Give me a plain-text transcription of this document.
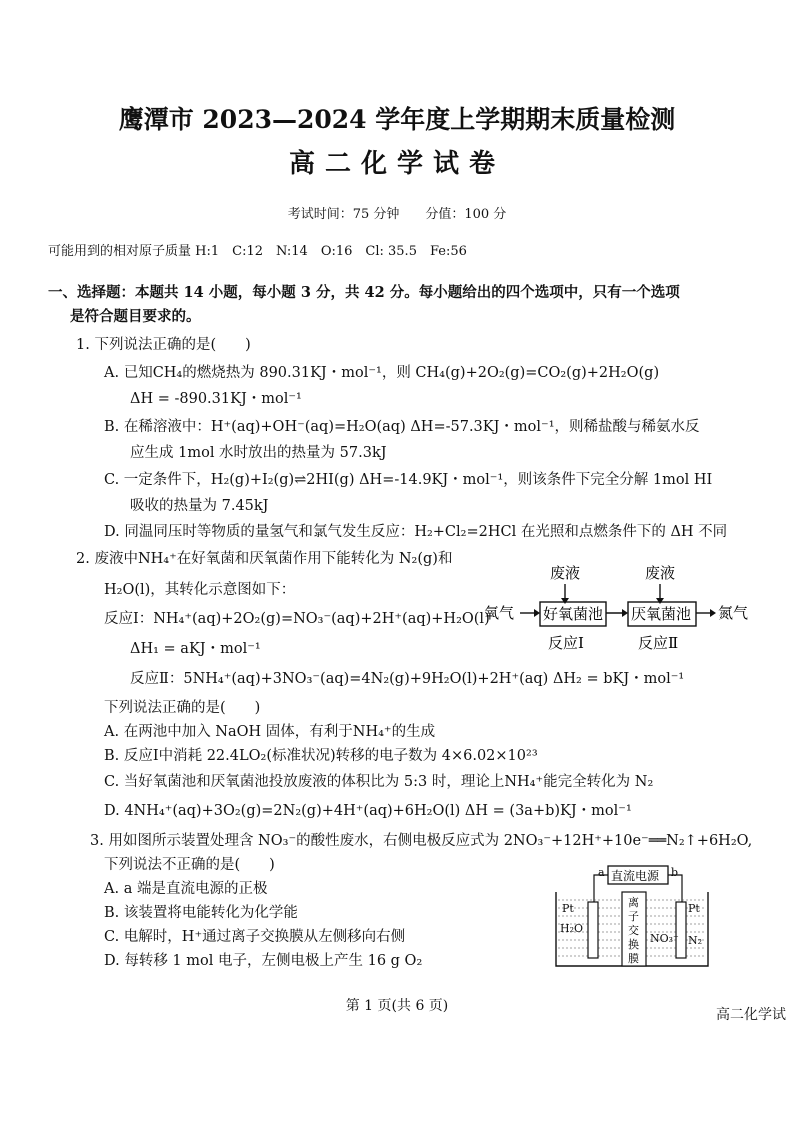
鹰潭市 2023—2024 学年度上学期期末质量检测
高二化学试卷
考试时间：75 分钟　　分值：100 分
可能用到的相对原子质量 H:1　C:12　N:14　O:16　Cl: 35.5　Fe:56
一、选择题：本题共 14 小题，每小题 3 分，共 42 分。每小题给出的四个选项中，只有一个选项
是符合题目要求的。
1. 下列说法正确的是(　　)
A. 已知CH₄的燃烧热为 890.31KJ・mol⁻¹，则 CH₄(g)+2O₂(g)=CO₂(g)+2H₂O(g)
ΔH = -890.31KJ・mol⁻¹
B. 在稀溶液中：H⁺(aq)+OH⁻(aq)=H₂O(aq) ΔH=-57.3KJ・mol⁻¹，则稀盐酸与稀氨水反
应生成 1mol 水时放出的热量为 57.3kJ
C. 一定条件下，H₂(g)+I₂(g)⇌2HI(g) ΔH=-14.9KJ・mol⁻¹，则该条件下完全分解 1mol HI
吸收的热量为 7.45kJ
D. 同温同压时等物质的量氢气和氯气发生反应：H₂+Cl₂=2HCl 在光照和点燃条件下的 ΔH 不同
2. 废液中NH₄⁺在好氧菌和厌氧菌作用下能转化为 N₂(g)和
H₂O(l)，其转化示意图如下：
反应Ⅰ：NH₄⁺(aq)+2O₂(g)=NO₃⁻(aq)+2H⁺(aq)+H₂O(l)
ΔH₁ = aKJ・mol⁻¹
反应Ⅱ：5NH₄⁺(aq)+3NO₃⁻(aq)=4N₂(g)+9H₂O(l)+2H⁺(aq) ΔH₂ = bKJ・mol⁻¹
下列说法正确的是(　　)
A. 在两池中加入 NaOH 固体，有利于NH₄⁺的生成
B. 反应Ⅰ中消耗 22.4LO₂(标准状况)转移的电子数为 4×6.02×10²³
C. 当好氧菌池和厌氧菌池投放废液的体积比为 5:3 时，理论上NH₄⁺能完全转化为 N₂
D. 4NH₄⁺(aq)+3O₂(g)=2N₂(g)+4H⁺(aq)+6H₂O(l) ΔH = (3a+b)KJ・mol⁻¹
废液	废液
氧气 好氧菌池 厌氧菌池 氮气
反应Ⅰ	反应Ⅱ
3. 用如图所示装置处理含 NO₃⁻的酸性废水，右侧电极反应式为 2NO₃⁻+12H⁺+10e⁻══N₂↑+6H₂O,
下列说法不正确的是(　　)
A. a 端是直流电源的正极
B. 该装置将电能转化为化学能
C. 电解时，H⁺通过离子交换膜从左侧移向右侧
D. 每转移 1 mol 电子，左侧电极上产生 16 g O₂
直流电源
a	b
离
子
交
换
膜
Pt	Pt
H₂O
NO₃⁻ N₂
第 1 页(共 6 页)
高二化学试
